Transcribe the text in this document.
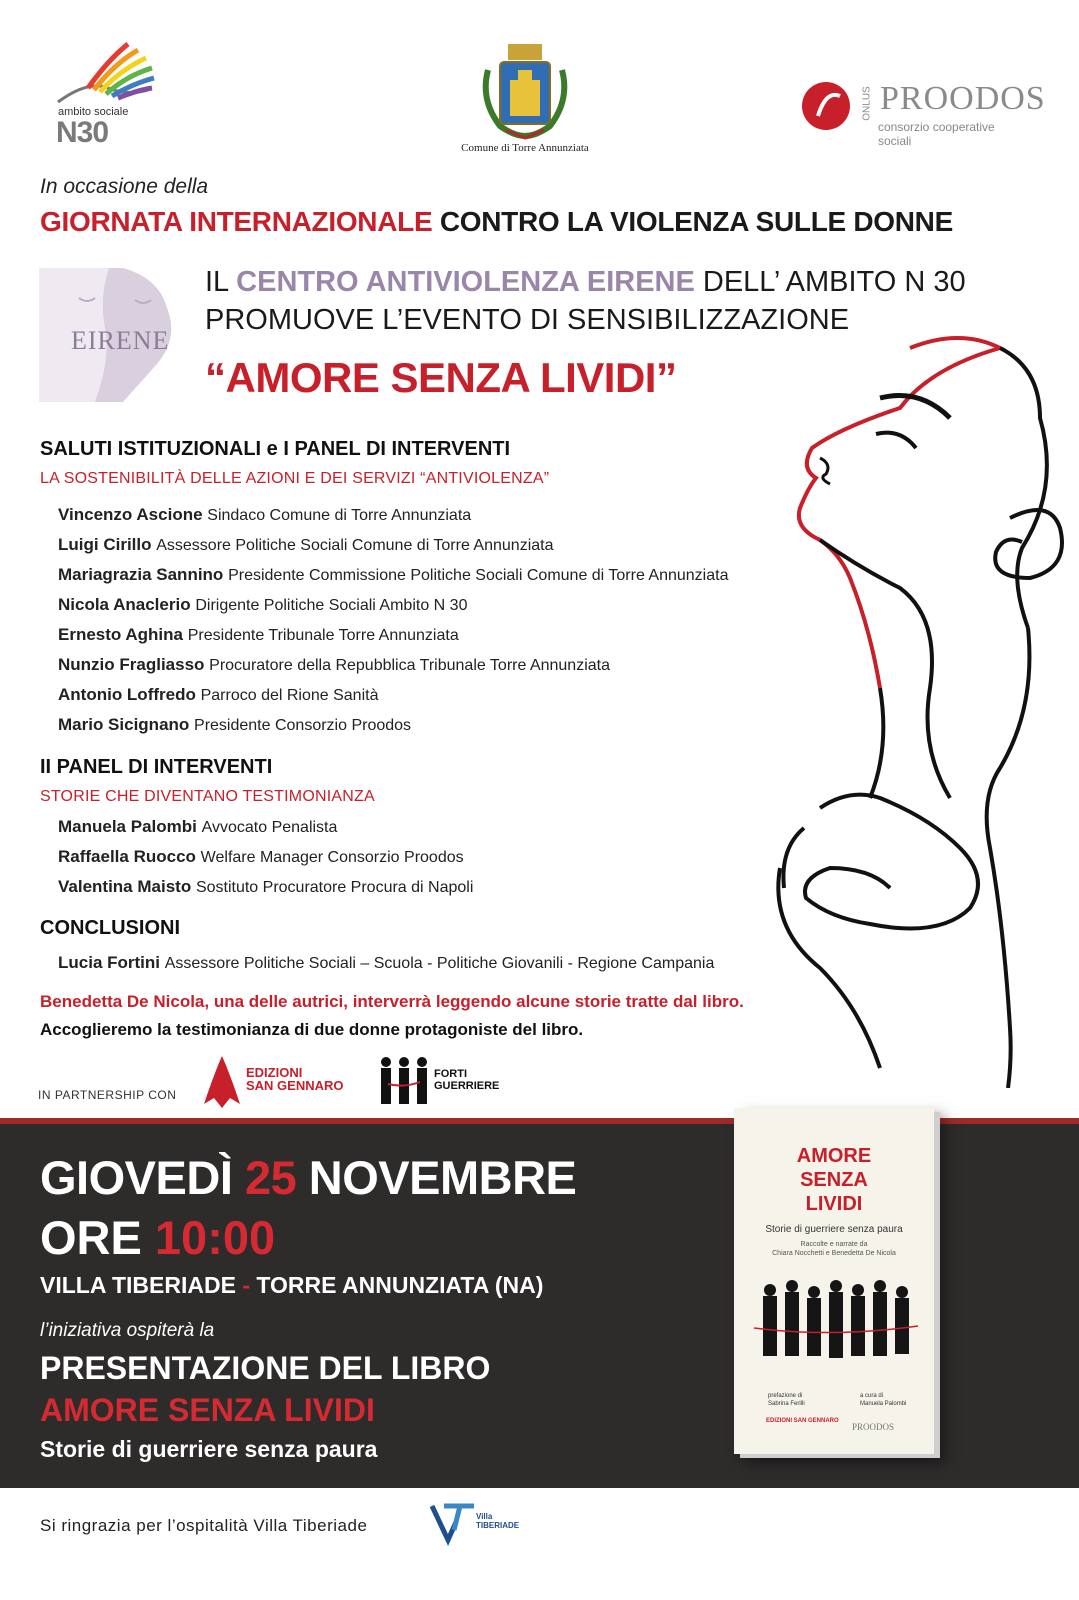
ambito sociale
N30	Comune di Torre Annunziata
ONLUS PROODOS
consorzio cooperative sociali
In occasione della
GIORNATA INTERNAZIONALE CONTRO LA VIOLENZA SULLE DONNE
EIRENE
IL CENTRO ANTIVIOLENZA EIRENE DELL’ AMBITO N 30
PROMUOVE L’EVENTO DI SENSIBILIZZAZIONE
“AMORE SENZA LIVIDI”
SALUTI ISTITUZIONALI e I PANEL DI INTERVENTI
LA SOSTENIBILITÀ DELLE AZIONI E DEI SERVIZI “ANTIVIOLENZA”
Vincenzo Ascione Sindaco Comune di Torre Annunziata
Luigi Cirillo Assessore Politiche Sociali Comune di Torre Annunziata
Mariagrazia Sannino Presidente Commissione Politiche Sociali Comune di Torre Annunziata
Nicola Anaclerio Dirigente Politiche Sociali Ambito N 30
Ernesto Aghina Presidente Tribunale Torre Annunziata
Nunzio Fragliasso Procuratore della Repubblica Tribunale Torre Annunziata
Antonio Loffredo Parroco del Rione Sanità
Mario Sicignano Presidente Consorzio Proodos
II PANEL DI INTERVENTI
STORIE CHE DIVENTANO TESTIMONIANZA
Manuela Palombi Avvocato Penalista
Raffaella Ruocco Welfare Manager Consorzio Proodos
Valentina Maisto Sostituto Procuratore Procura di Napoli
CONCLUSIONI
Lucia Fortini Assessore Politiche Sociali – Scuola - Politiche Giovanili - Regione Campania
Benedetta De Nicola, una delle autrici, interverrà leggendo alcune storie tratte dal libro.
Accoglieremo la testimonianza di due donne protagoniste del libro.
IN PARTNERSHIP CON
EDIZIONI
SAN GENNARO
FORTI
GUERRIERE
GIOVEDÌ 25 NOVEMBRE
ORE 10:00
VILLA TIBERIADE - TORRE ANNUNZIATA (NA)
l’iniziativa ospiterà la
PRESENTAZIONE DEL LIBRO
AMORE SENZA LIVIDI
Storie di guerriere senza paura
AMORE
SENZA
LIVIDI
Storie di guerriere senza paura
Raccolte e narrate da
Chiara Nocchetti e Benedetta De Nicola
prefazione di
Sabrina Ferilli
a cura di
Manuela Palombi
EDIZIONI SAN GENNARO
PROODOS
Si ringrazia per l’ospitalità Villa Tiberiade	Villa
TIBERIADE
